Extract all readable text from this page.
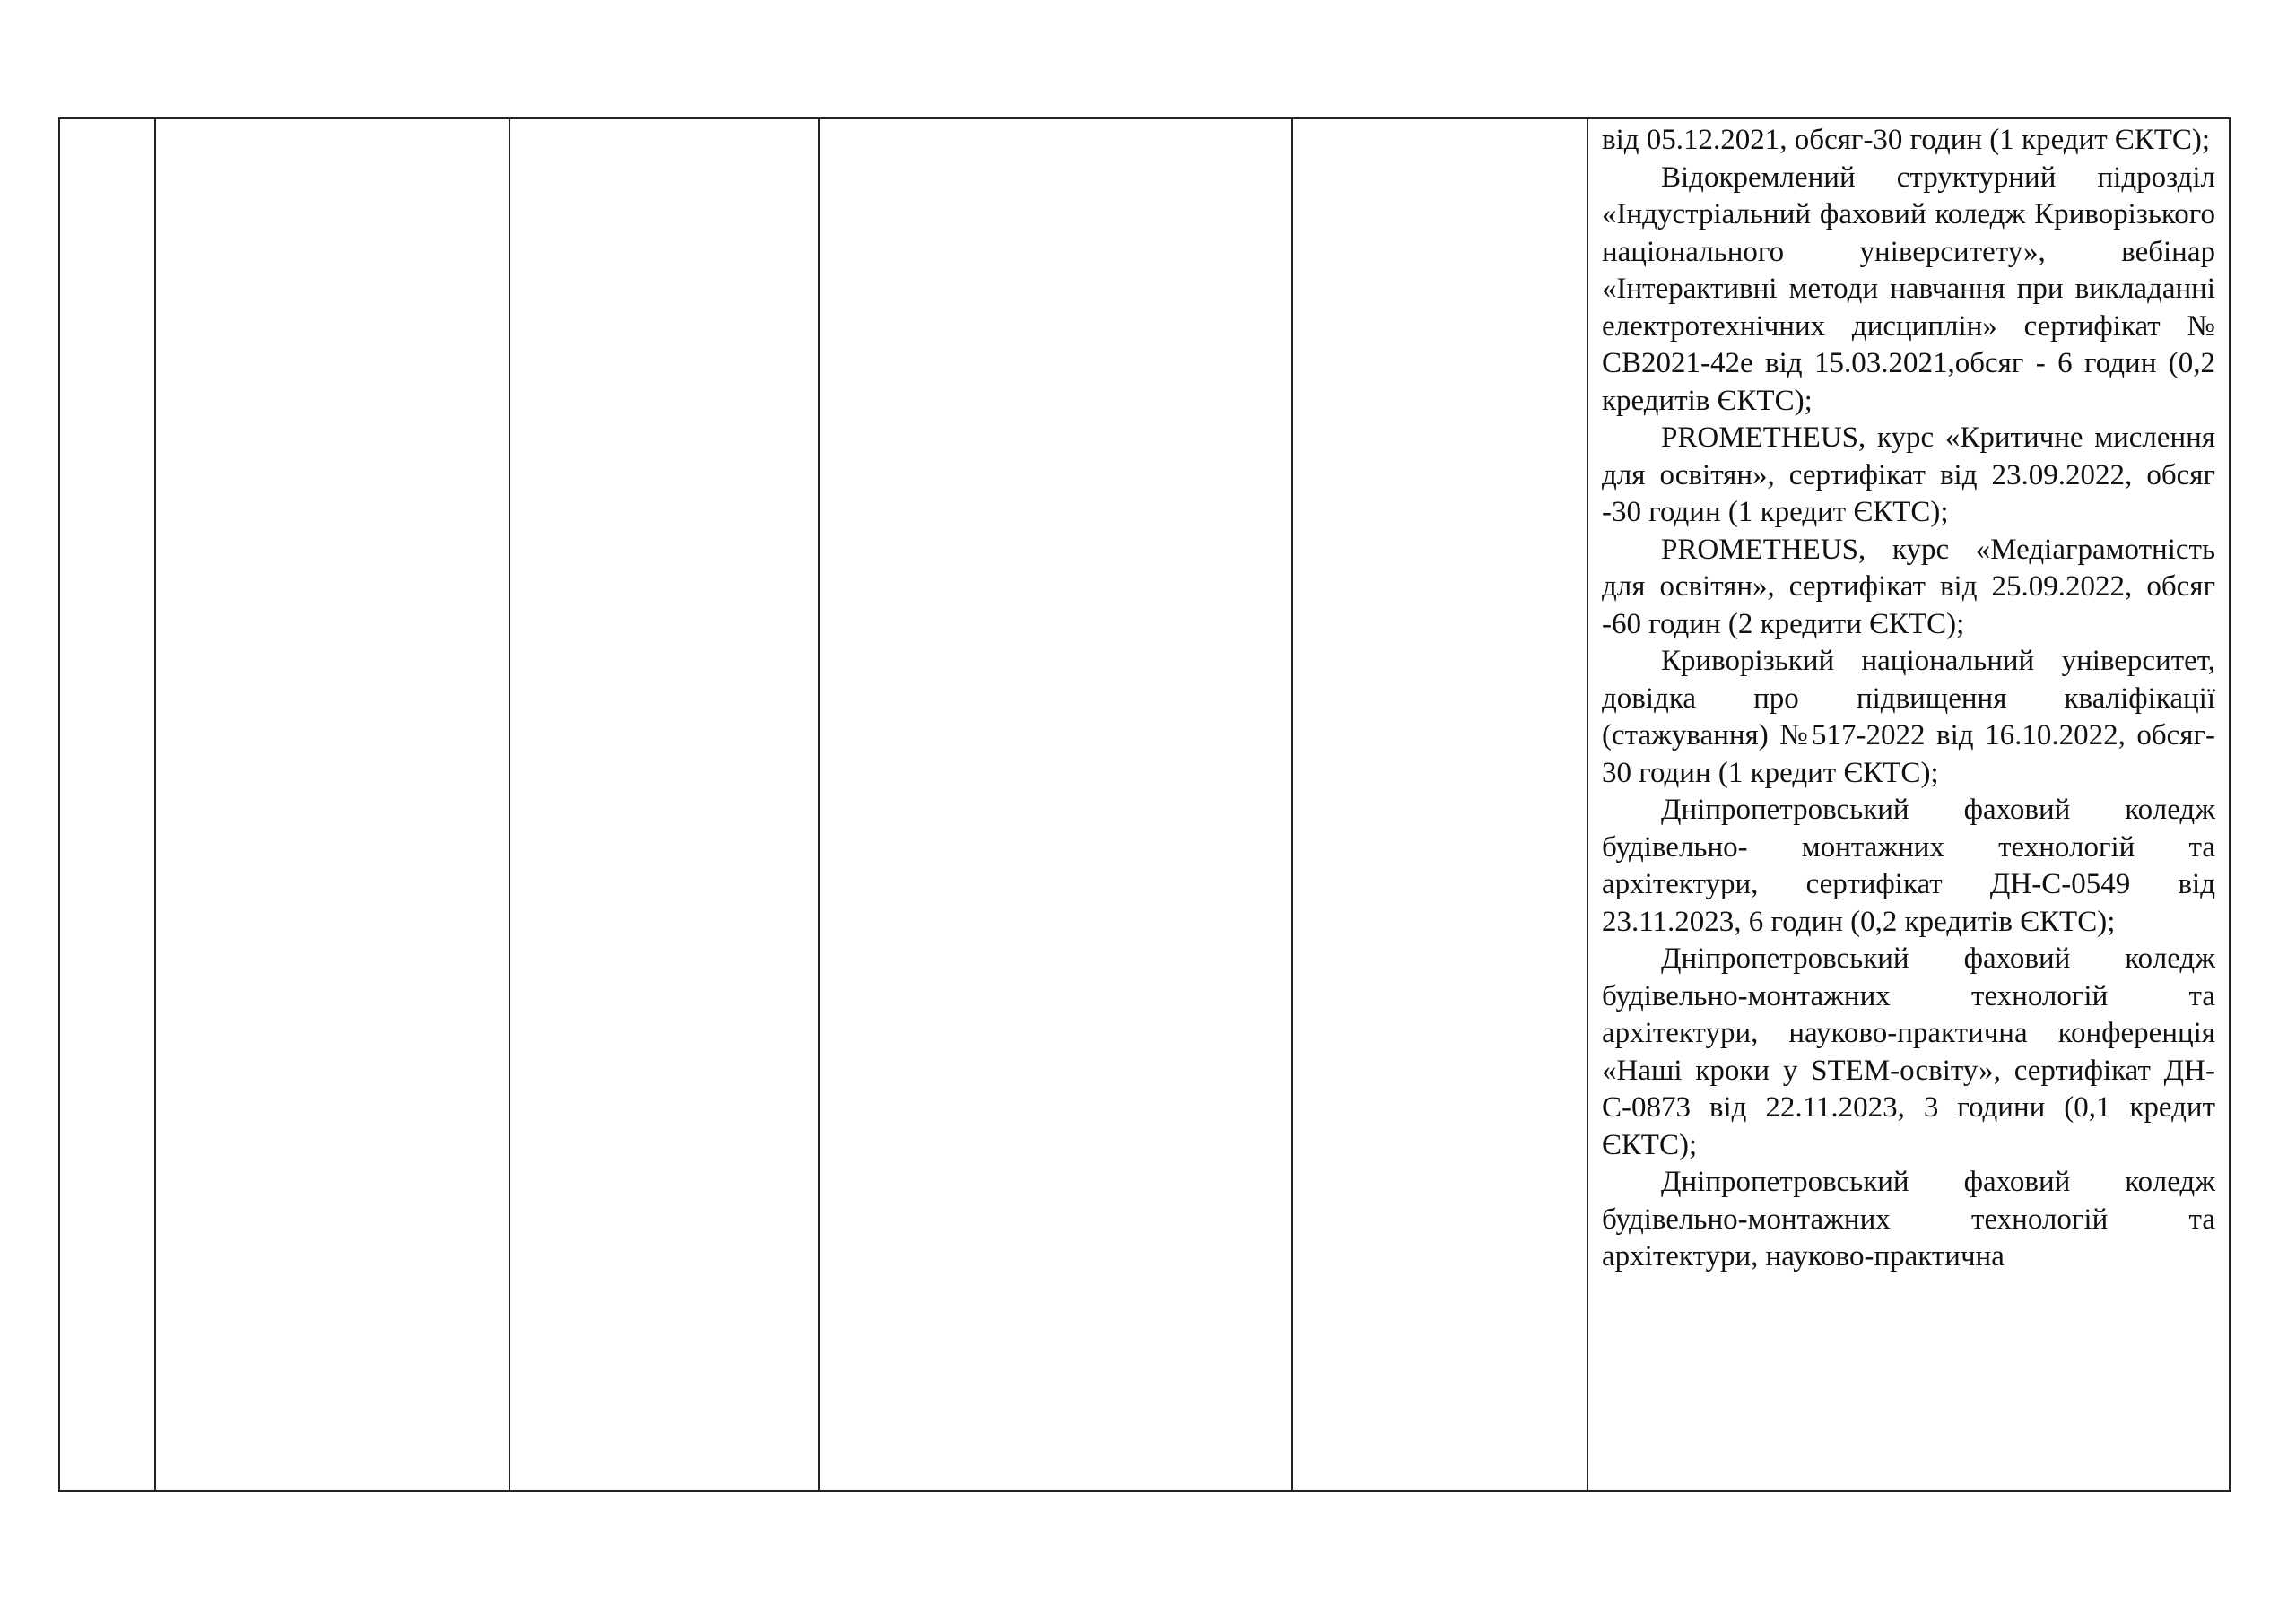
від 05.12.2021, обсяг-30 годин (1 кредит ЄКТС);

Відокремлений структурний підрозділ «Індустріальний фаховий коледж Криворізького національного університету», вебінар «Інтерактивні методи навчання при викладанні електротехнічних дисциплін» сертифікат № СВ2021-42е від 15.03.2021,обсяг - 6 годин (0,2 кредитів ЄКТС);

PROMETHEUS, курс «Критичне мислення для освітян», сертифікат від 23.09.2022, обсяг -30 годин (1 кредит ЄКТС);

PROMETHEUS, курс «Медіаграмотність для освітян», сертифікат від 25.09.2022, обсяг -60 годин (2 кредити ЄКТС);

Криворізький національний університет, довідка про підвищення кваліфікації (стажування) №517-2022 від 16.10.2022, обсяг- 30 годин (1 кредит ЄКТС);

Дніпропетровський фаховий коледж будівельно- монтажних технологій та архітектури, сертифікат ДН-С-0549 від 23.11.2023, 6 годин (0,2 кредитів ЄКТС);

Дніпропетровський фаховий коледж будівельно-монтажних технологій та архітектури, науково-практична конференція «Наші кроки у STEM-освіту», сертифікат ДН-С-0873 від 22.11.2023, 3 години (0,1 кредит ЄКТС);

Дніпропетровський фаховий коледж будівельно-монтажних технологій та архітектури, науково-практична
